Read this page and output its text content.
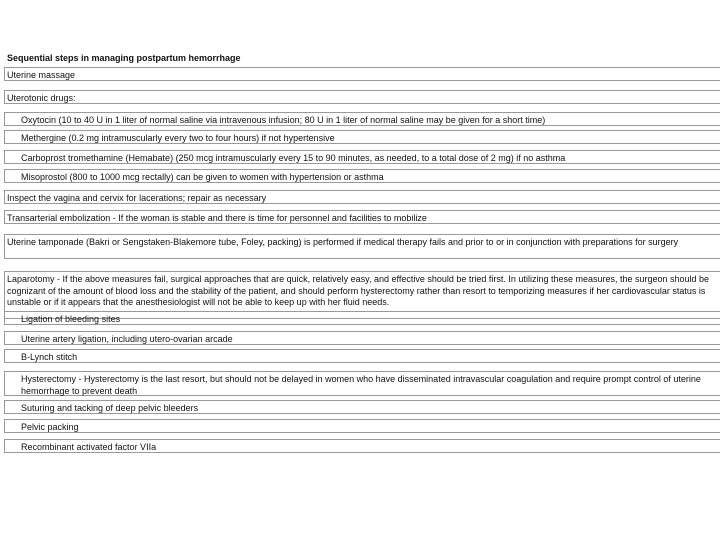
Sequential steps in managing postpartum hemorrhage
Uterine massage
Uterotonic drugs:
Oxytocin (10 to 40 U in 1 liter of normal saline via intravenous infusion; 80 U in 1 liter of normal saline may be given for a short time)
Methergine (0.2 mg intramuscularly every two to four hours) if not hypertensive
Carboprost tromethamine (Hemabate) (250 mcg intramuscularly every 15 to 90 minutes, as needed, to a total dose of 2 mg) if no asthma
Misoprostol (800 to 1000 mcg rectally) can be given to women with hypertension or asthma
Inspect the vagina and cervix for lacerations; repair as necessary
Transarterial embolization - If the woman is stable and there is time for personnel and facilities to mobilize
Uterine tamponade (Bakri or Sengstaken-Blakemore tube, Foley, packing) is performed if medical therapy fails and prior to or in conjunction with preparations for surgery
Laparotomy - If the above measures fail, surgical approaches that are quick, relatively easy, and effective should be tried first. In utilizing these measures, the surgeon should be cognizant of the amount of blood loss and the stability of the patient, and should perform hysterectomy rather than resort to temporizing measures if her cardiovascular status is unstable or if it appears that the anesthesiologist will not be able to keep up with her fluid needs.
Ligation of bleeding sites
Uterine artery ligation, including utero-ovarian arcade
B-Lynch stitch
Hysterectomy - Hysterectomy is the last resort, but should not be delayed in women who have disseminated intravascular coagulation and require prompt control of uterine hemorrhage to prevent death
Suturing and tacking of deep pelvic bleeders
Pelvic packing
Recombinant activated factor VIIa
